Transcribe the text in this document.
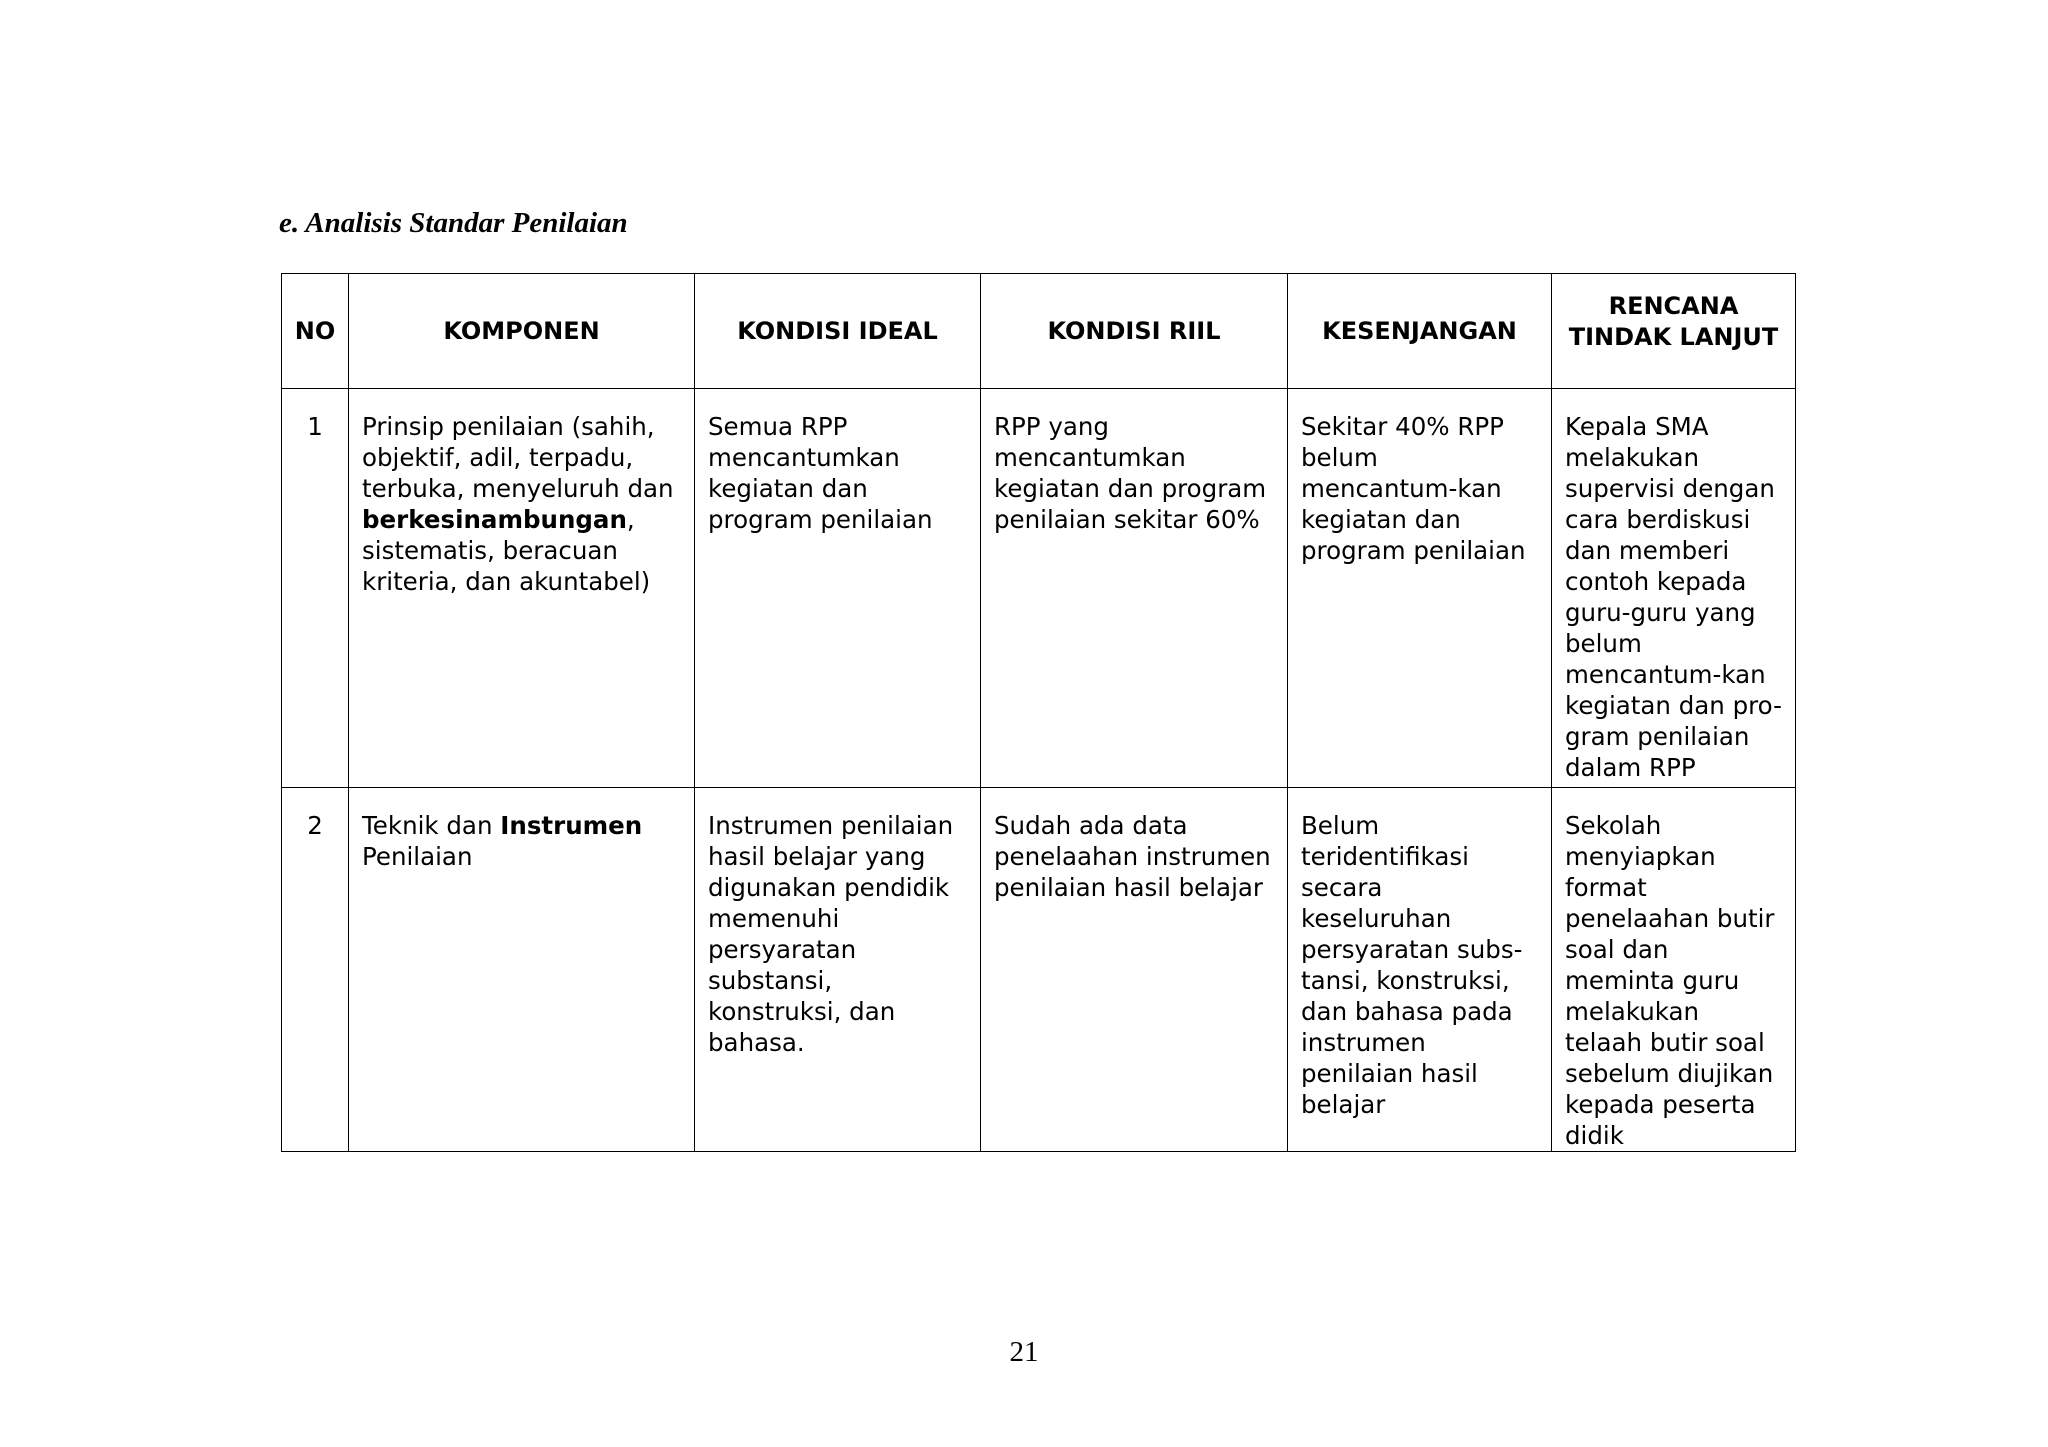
e. Analisis Standar Penilaian
NO	KOMPONEN	KONDISI IDEAL	KONDISI RIIL	KESENJANGAN	RENCANA
TINDAK LANJUT
1	Prinsip penilaian (sahih, objektif, adil, terpadu, terbuka, menyeluruh dan berkesinambungan, sistematis, beracuan kriteria, dan akuntabel)	Semua RPP mencantumkan kegiatan dan program penilaian	RPP yang mencantumkan kegiatan dan program penilaian sekitar 60%	Sekitar 40% RPP belum mencantum-kan kegiatan dan program penilaian	Kepala SMA melakukan supervisi dengan cara berdiskusi dan memberi contoh kepada guru-guru yang belum mencantum-kan kegiatan dan pro-gram penilaian dalam RPP
2	Teknik dan Instrumen Penilaian	Instrumen penilaian hasil belajar yang digunakan pendidik memenuhi persyaratan substansi, konstruksi, dan bahasa.	Sudah ada data penelaahan instrumen penilaian hasil belajar	Belum teridentifikasi secara keseluruhan persyaratan subs-tansi, konstruksi, dan bahasa pada instrumen penilaian hasil belajar	Sekolah menyiapkan format penelaahan butir soal dan meminta guru melakukan telaah butir soal sebelum diujikan kepada peserta didik

21
